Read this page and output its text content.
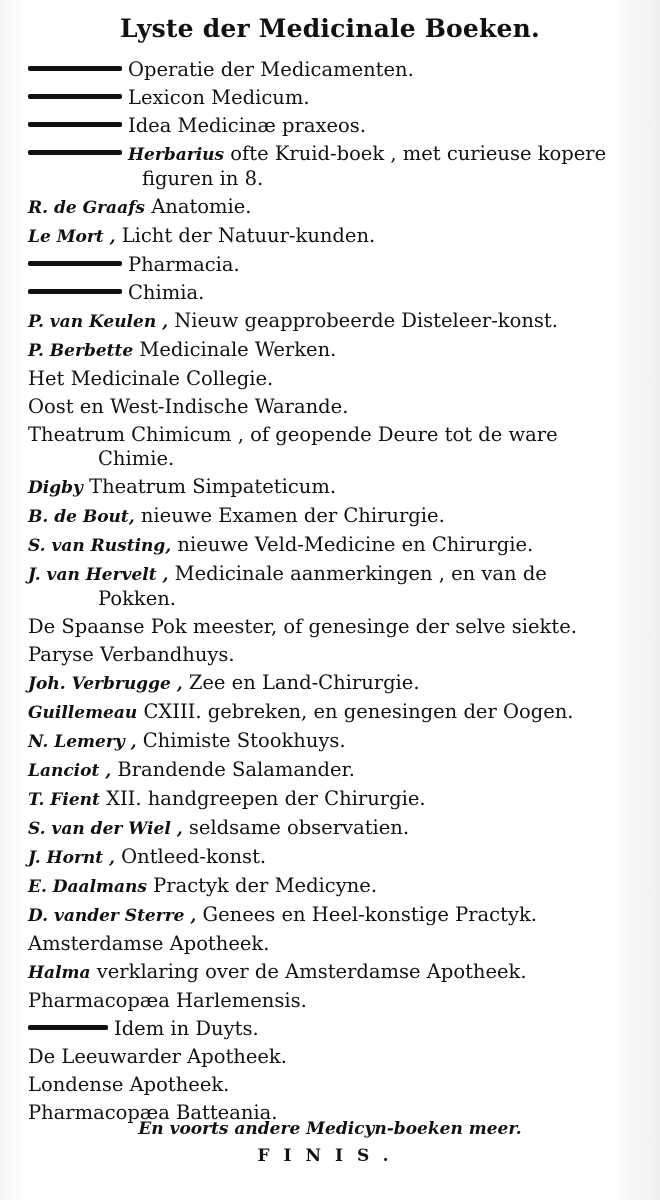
Lyste der Medicinale Boeken.
Operatie der Medicamenten.
Lexicon Medicum.
Idea Medicinæ praxeos.
Herbarius ofte Kruid-boek , met curieuse kopere
figuren in 8.
R. de Graafs Anatomie.
Le Mort , Licht der Natuur-kunden.
Pharmacia.
Chimia.
P. van Keulen , Nieuw geapprobeerde Disteleer-konst.
P. Berbette Medicinale Werken.
Het Medicinale Collegie.
Oost en West-Indische Warande.
Theatrum Chimicum , of geopende Deure tot de ware
Chimie.
Digby Theatrum Simpateticum.
B. de Bout, nieuwe Examen der Chirurgie.
S. van Rusting, nieuwe Veld-Medicine en Chirurgie.
J. van Hervelt , Medicinale aanmerkingen , en van de
Pokken.
De Spaanse Pok meester, of genesinge der selve siekte.
Paryse Verbandhuys.
Joh. Verbrugge , Zee en Land-Chirurgie.
Guillemeau CXIII. gebreken, en genesingen der Oogen.
N. Lemery , Chimiste Stookhuys.
Lanciot , Brandende Salamander.
T. Fient XII. handgreepen der Chirurgie.
S. van der Wiel , seldsame observatien.
J. Hornt , Ontleed-konst.
E. Daalmans Practyk der Medicyne.
D. vander Sterre , Genees en Heel-konstige Practyk.
Amsterdamse Apotheek.
Halma verklaring over de Amsterdamse Apotheek.
Pharmacopæa Harlemensis.
Idem in Duyts.
De Leeuwarder Apotheek.
Londense Apotheek.
Pharmacopæa Batteania.
En voorts andere Medicyn-boeken meer.
FINIS.
